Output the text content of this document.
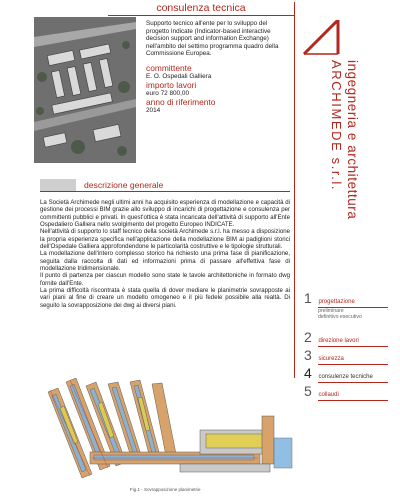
consulenza tecnica
Supporto tecnico all'ente per lo sviluppo del progetto Indicate (Indicator-based interactive decision support and information Exchange) nell'ambito del settimo programma quadro della Commissione Europea.
committente
E. O. Ospedali Galliera
importo lavori
euro 72 800,00
anno di riferimento
2014
descrizione generale

La Società Archimede negli ultimi anni ha acquisito esperienza di modellazione e capacità di gestione dei processi BIM grazie allo sviluppo di incarichi di progettazione e consulenza per committenti pubblici e privati. In quest'ottica è stata incaricata dell'attività di supporto all'Ente Ospedaliero Galliera nello svolgimento del progetto Europeo INDICATE.

Nell'attività di supporto lo staff tecnico della società Archimede s.r.l. ha messo a disposizione la propria esperienza specifica nell'applicazione della modellazione BIM ai padiglioni storici dell'Ospedale Galliera approfondendone le particolarità costruttive e le tipologie strutturali.

La modellazione dell'intero complesso storico ha richiesto una prima fase di pianificazione, seguita dalla raccolta di dati ed informazioni prima di passare all'effettiva fase di modellazione tridimensionale.

Il punto di partenza per ciascun modello sono state le tavole architettoniche in formato dwg fornite dall'Ente.

La prima difficoltà riscontrata è stata quella di dover mediare le planimetrie sovrapposte ai vari piani al fine di creare un modello omogeneo e il più fedele possibile alla realtà. Di seguito la sovrapposizione dei dwg ai diversi piani.

ARCHIMEDE s.r.l. ingegneria e architettura
1 progettazione
preliminare definitivo esecutivo
2 direzione lavori
3 sicurezza
4 consulenze tecniche
5 collaudi
Fig.1 - Sovrapposizione planimetrie
